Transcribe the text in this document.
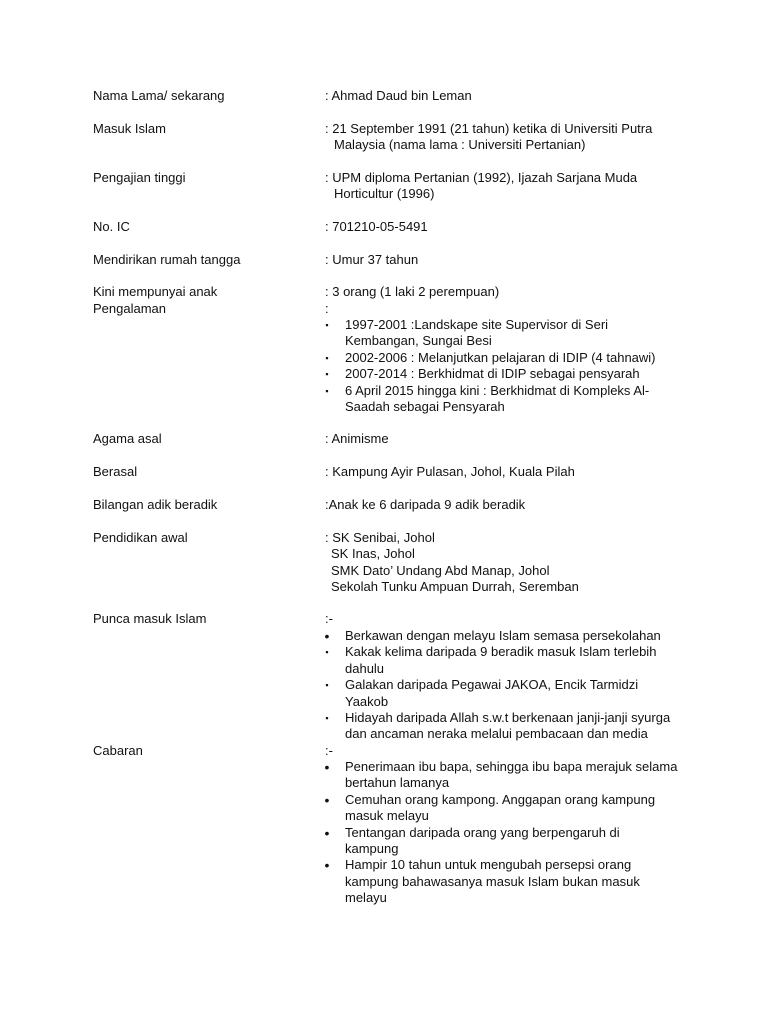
Nama Lama/ sekarang	: Ahmad Daud bin Leman
Masuk Islam	: 21 September 1991 (21 tahun) ketika di Universiti Putra
Malaysia (nama lama : Universiti Pertanian)
Pengajian tinggi	: UPM diploma Pertanian (1992), Ijazah Sarjana Muda
Horticultur (1996)
No. IC	: 701210-05-5491
Mendirikan rumah tangga	: Umur 37 tahun
Kini mempunyai anak	: 3 orang (1 laki 2 perempuan)
Pengalaman	:
▪	1997-2001 :Landskape site Supervisor di Seri
Kembangan, Sungai Besi
▪	2002-2006 : Melanjutkan pelajaran di IDIP (4 tahnawi)
▪	2007-2014 : Berkhidmat di IDIP sebagai pensyarah
▪	6 April 2015 hingga kini : Berkhidmat di Kompleks Al-
Saadah sebagai Pensyarah
Agama asal	: Animisme
Berasal	: Kampung Ayir Pulasan, Johol, Kuala Pilah
Bilangan adik beradik	:Anak ke 6 daripada 9 adik beradik
Pendidikan awal	: SK Senibai, Johol
SK Inas, Johol
SMK Dato’ Undang Abd Manap, Johol
Sekolah Tunku Ampuan Durrah, Seremban
Punca masuk Islam	:-
•	Berkawan dengan melayu Islam semasa persekolahan
▪	Kakak kelima daripada 9 beradik masuk Islam terlebih
dahulu
▪	Galakan daripada Pegawai JAKOA, Encik Tarmidzi Yaakob
▪	Hidayah daripada Allah s.w.t berkenaan janji-janji syurga
dan ancaman neraka melalui pembacaan dan media
Cabaran	:-
•	Penerimaan ibu bapa, sehingga ibu bapa merajuk selama
bertahun lamanya
•	Cemuhan orang kampong. Anggapan orang kampung
masuk melayu
•	Tentangan daripada orang yang berpengaruh di
kampung
•	Hampir 10 tahun untuk mengubah persepsi orang
kampung bahawasanya masuk Islam bukan masuk
melayu
